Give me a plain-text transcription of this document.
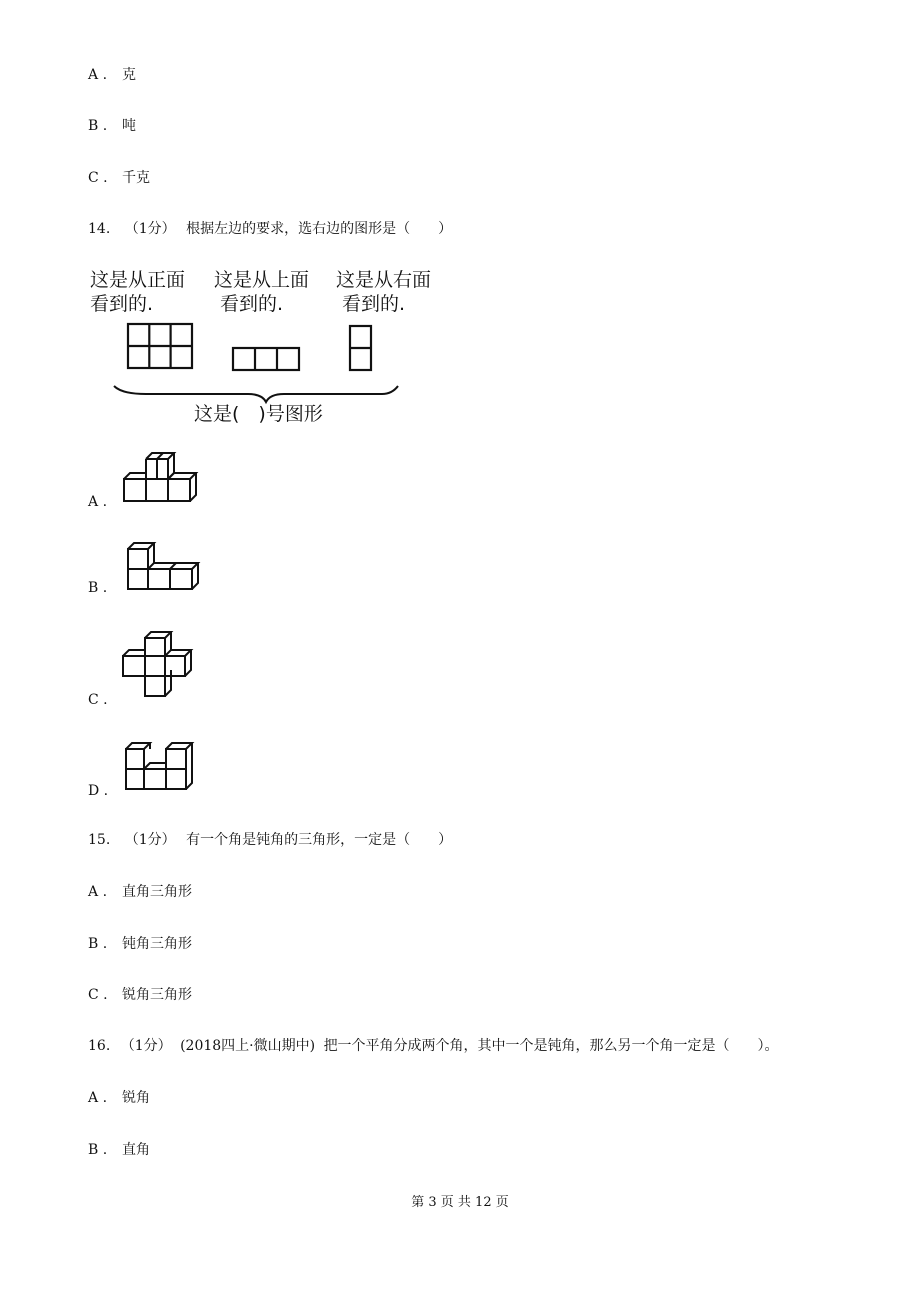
A . 克
B . 吨
C . 千克
14. （1分） 根据左边的要求，选右边的图形是（　　）
这是从正面
看到的.
这是从上面
看到的.
这是从右面
看到的.
这是(　)号图形
A .
B .
C .
D .
15. （1分） 有一个角是钝角的三角形，一定是（　　）
A . 直角三角形
B . 钝角三角形
C . 锐角三角形
16. （1分） (2018四上·微山期中) 把一个平角分成两个角，其中一个是钝角，那么另一个角一定是（　　）。
A . 锐角
B . 直角
第 3 页 共 12 页
